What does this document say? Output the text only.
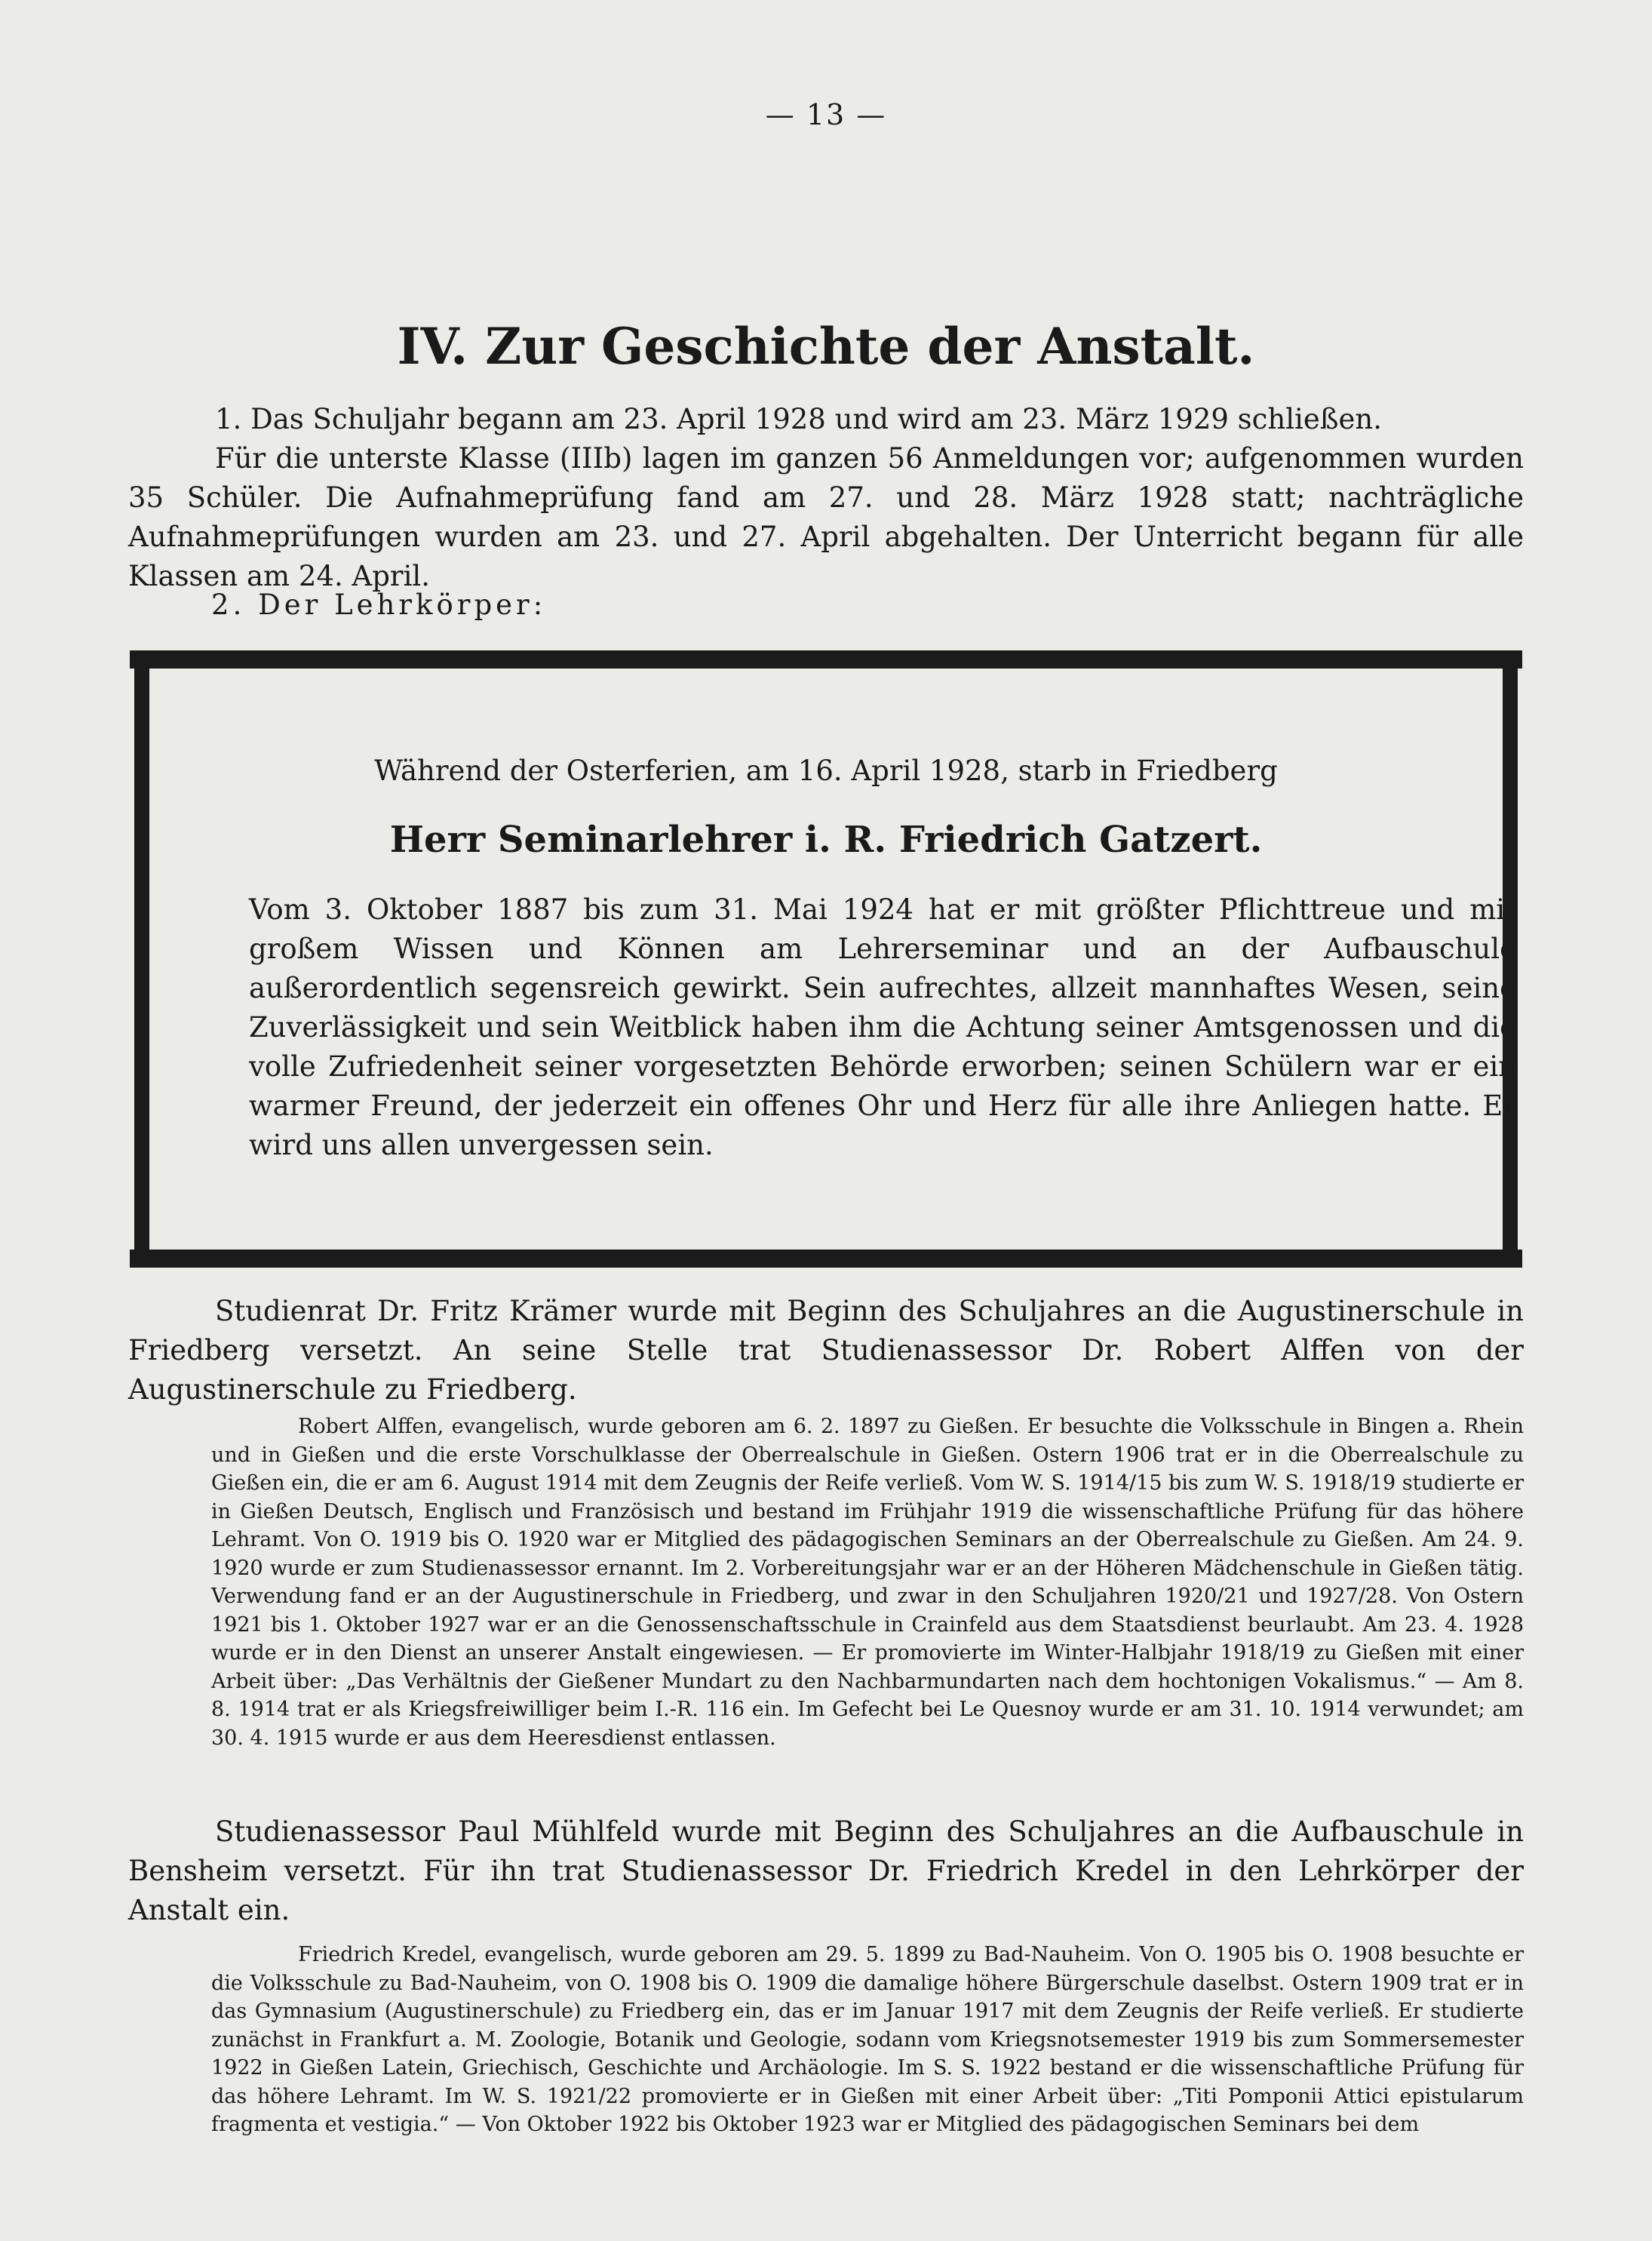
— 13 —
IV. Zur Geschichte der Anstalt.

1. Das Schuljahr begann am 23. April 1928 und wird am 23. März 1929 schließen.

Für die unterste Klasse (IIIb) lagen im ganzen 56 Anmeldungen vor; aufgenommen wurden 35 Schüler. Die Aufnahmeprüfung fand am 27. und 28. März 1928 statt; nachträgliche Aufnahmeprüfungen wurden am 23. und 27. April abgehalten. Der Unterricht begann für alle Klassen am 24. April.

2. Der Lehrkörper:
Während der Osterferien, am 16. April 1928, starb in Friedberg
Herr Seminarlehrer i. R. Friedrich Gatzert.

Vom 3. Oktober 1887 bis zum 31. Mai 1924 hat er mit größter Pflichttreue und mit großem Wissen und Können am Lehrerseminar und an der Aufbauschule außerordentlich segensreich gewirkt. Sein aufrechtes, allzeit mannhaftes Wesen, seine Zuverlässigkeit und sein Weitblick haben ihm die Achtung seiner Amtsgenossen und die volle Zufriedenheit seiner vorgesetzten Behörde erworben; seinen Schülern war er ein warmer Freund, der jederzeit ein offenes Ohr und Herz für alle ihre Anliegen hatte. Er wird uns allen unvergessen sein.

Studienrat Dr. Fritz Krämer wurde mit Beginn des Schuljahres an die Augustinerschule in Friedberg versetzt. An seine Stelle trat Studienassessor Dr. Robert Alffen von der Augustinerschule zu Friedberg.

Robert Alffen, evangelisch, wurde geboren am 6. 2. 1897 zu Gießen. Er besuchte die Volksschule in Bingen a. Rhein und in Gießen und die erste Vorschulklasse der Oberrealschule in Gießen. Ostern 1906 trat er in die Oberrealschule zu Gießen ein, die er am 6. August 1914 mit dem Zeugnis der Reife verließ. Vom W. S. 1914/15 bis zum W. S. 1918/19 studierte er in Gießen Deutsch, Englisch und Französisch und bestand im Frühjahr 1919 die wissenschaftliche Prüfung für das höhere Lehramt. Von O. 1919 bis O. 1920 war er Mitglied des pädagogischen Seminars an der Oberrealschule zu Gießen. Am 24. 9. 1920 wurde er zum Studienassessor ernannt. Im 2. Vorbereitungsjahr war er an der Höheren Mädchenschule in Gießen tätig. Verwendung fand er an der Augustinerschule in Friedberg, und zwar in den Schuljahren 1920/21 und 1927/28. Von Ostern 1921 bis 1. Oktober 1927 war er an die Genossenschaftsschule in Crainfeld aus dem Staatsdienst beurlaubt. Am 23. 4. 1928 wurde er in den Dienst an unserer Anstalt eingewiesen. — Er promovierte im Winter-Halbjahr 1918/19 zu Gießen mit einer Arbeit über: „Das Verhältnis der Gießener Mundart zu den Nachbarmundarten nach dem hochtonigen Vokalismus.“ — Am 8. 8. 1914 trat er als Kriegsfreiwilliger beim I.-R. 116 ein. Im Gefecht bei Le Quesnoy wurde er am 31. 10. 1914 verwundet; am 30. 4. 1915 wurde er aus dem Heeresdienst entlassen.

Studienassessor Paul Mühlfeld wurde mit Beginn des Schuljahres an die Aufbauschule in Bensheim versetzt. Für ihn trat Studienassessor Dr. Friedrich Kredel in den Lehrkörper der Anstalt ein.

Friedrich Kredel, evangelisch, wurde geboren am 29. 5. 1899 zu Bad-Nauheim. Von O. 1905 bis O. 1908 besuchte er die Volksschule zu Bad-Nauheim, von O. 1908 bis O. 1909 die damalige höhere Bürgerschule daselbst. Ostern 1909 trat er in das Gymnasium (Augustinerschule) zu Friedberg ein, das er im Januar 1917 mit dem Zeugnis der Reife verließ. Er studierte zunächst in Frankfurt a. M. Zoologie, Botanik und Geologie, sodann vom Kriegsnotsemester 1919 bis zum Sommersemester 1922 in Gießen Latein, Griechisch, Geschichte und Archäologie. Im S. S. 1922 bestand er die wissenschaftliche Prüfung für das höhere Lehramt. Im W. S. 1921/22 promovierte er in Gießen mit einer Arbeit über: „Titi Pomponii Attici epistularum fragmenta et vestigia.“ — Von Oktober 1922 bis Oktober 1923 war er Mitglied des pädagogischen Seminars bei dem
